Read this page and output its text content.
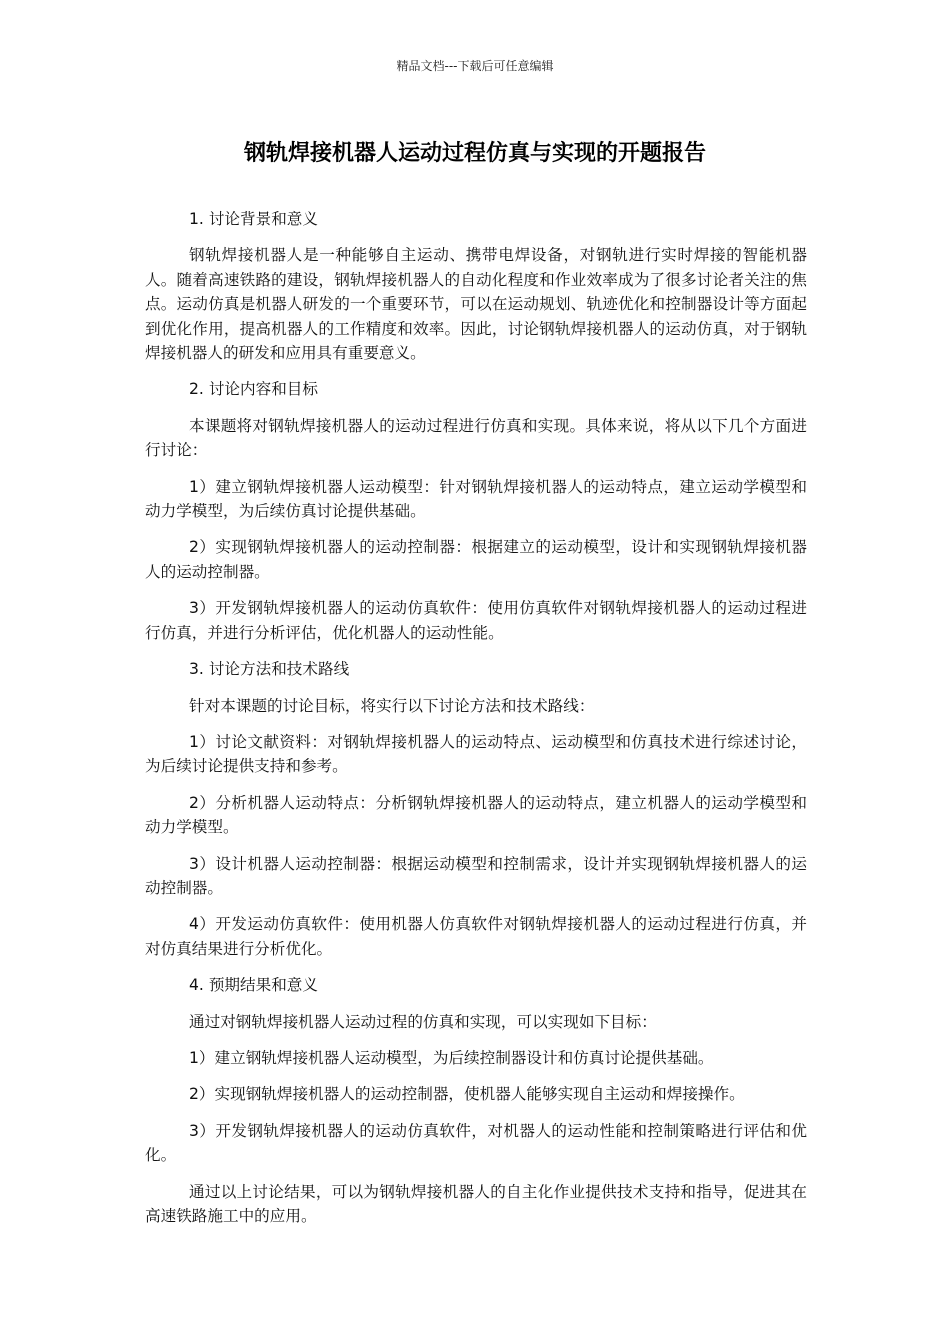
精品文档---下载后可任意编辑
钢轨焊接机器人运动过程仿真与实现的开题报告

1. 讨论背景和意义

钢轨焊接机器人是一种能够自主运动、携带电焊设备，对钢轨进行实时焊接的智能机器人。随着高速铁路的建设，钢轨焊接机器人的自动化程度和作业效率成为了很多讨论者关注的焦点。运动仿真是机器人研发的一个重要环节，可以在运动规划、轨迹优化和控制器设计等方面起到优化作用，提高机器人的工作精度和效率。因此，讨论钢轨焊接机器人的运动仿真，对于钢轨焊接机器人的研发和应用具有重要意义。

2. 讨论内容和目标

本课题将对钢轨焊接机器人的运动过程进行仿真和实现。具体来说，将从以下几个方面进行讨论：

1）建立钢轨焊接机器人运动模型：针对钢轨焊接机器人的运动特点，建立运动学模型和动力学模型，为后续仿真讨论提供基础。

2）实现钢轨焊接机器人的运动控制器：根据建立的运动模型，设计和实现钢轨焊接机器人的运动控制器。

3）开发钢轨焊接机器人的运动仿真软件：使用仿真软件对钢轨焊接机器人的运动过程进行仿真，并进行分析评估，优化机器人的运动性能。

3. 讨论方法和技术路线

针对本课题的讨论目标，将实行以下讨论方法和技术路线：

1）讨论文献资料：对钢轨焊接机器人的运动特点、运动模型和仿真技术进行综述讨论，为后续讨论提供支持和参考。

2）分析机器人运动特点：分析钢轨焊接机器人的运动特点，建立机器人的运动学模型和动力学模型。

3）设计机器人运动控制器：根据运动模型和控制需求，设计并实现钢轨焊接机器人的运动控制器。

4）开发运动仿真软件：使用机器人仿真软件对钢轨焊接机器人的运动过程进行仿真，并对仿真结果进行分析优化。

4. 预期结果和意义

通过对钢轨焊接机器人运动过程的仿真和实现，可以实现如下目标：

1）建立钢轨焊接机器人运动模型，为后续控制器设计和仿真讨论提供基础。

2）实现钢轨焊接机器人的运动控制器，使机器人能够实现自主运动和焊接操作。

3）开发钢轨焊接机器人的运动仿真软件，对机器人的运动性能和控制策略进行评估和优化。

通过以上讨论结果，可以为钢轨焊接机器人的自主化作业提供技术支持和指导，促进其在高速铁路施工中的应用。
